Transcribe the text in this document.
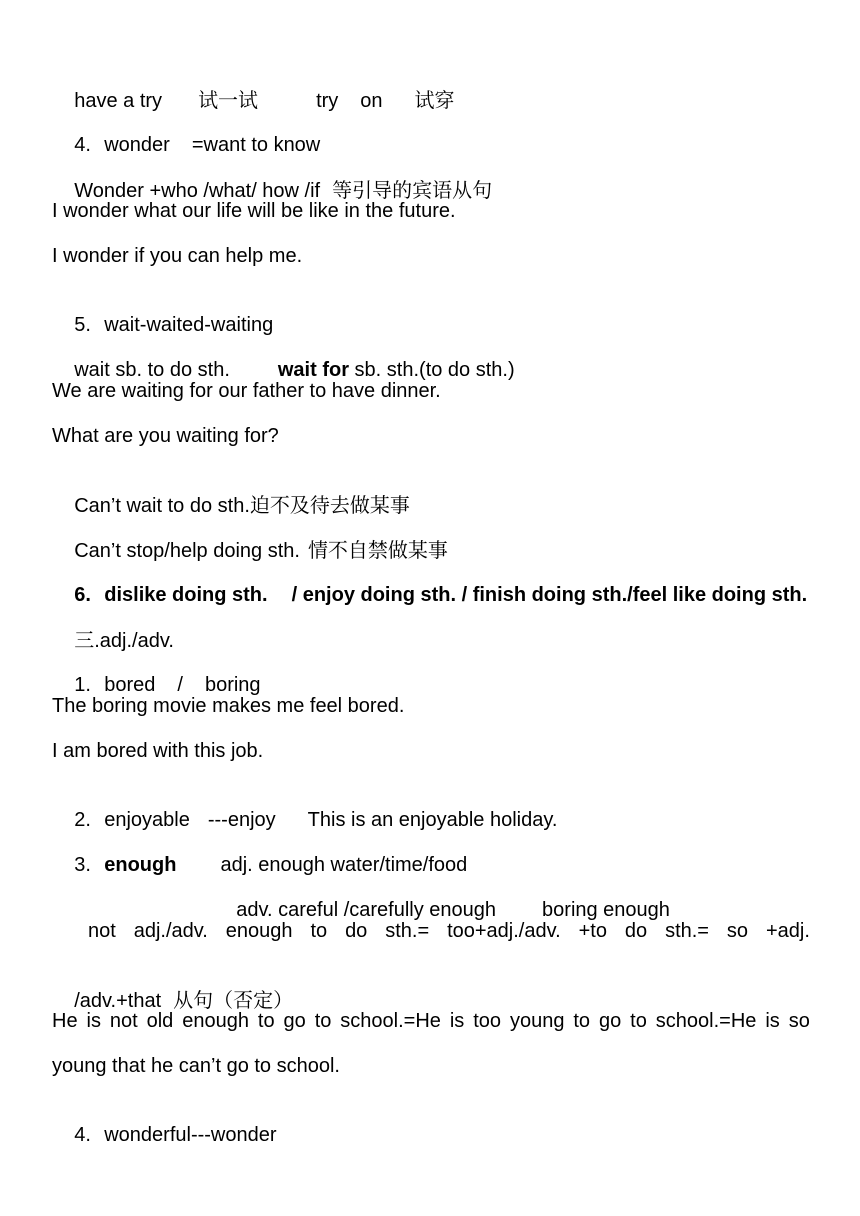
have a try 试一试	try on 试穿

4. wonder =want to know

Wonder +who /what/ how /if 等引导的宾语从句

I wonder what our life will be like in the future.
I wonder if you can help me.

5. wait-waited-waiting

wait sb. to do sth. wait for sb. sth.(to do sth.)

We are waiting for our father to have dinner.
What are you waiting for?

Can’t wait to do sth.迫不及待去做某事

Can’t stop/help doing sth. 情不自禁做某事

6. dislike doing sth. / enjoy doing sth. / finish doing sth./feel like doing sth.

三.adj./adv.

1. bored / boring

The boring movie makes me feel bored.
I am bored with this job.

2. enjoyable ---enjoy This is an enjoyable holiday.

3. enough adj. enough water/time/food

adv. careful /carefully enough boring enough

not adj./adv. enough to do sth.= too+adj./adv. +to do sth.= so +adj.

/adv.+that 从句（否定）

He is not old enough to go to school.=He is too young to go to school.=He is so
young that he can’t go to school.

4. wonderful---wonder
